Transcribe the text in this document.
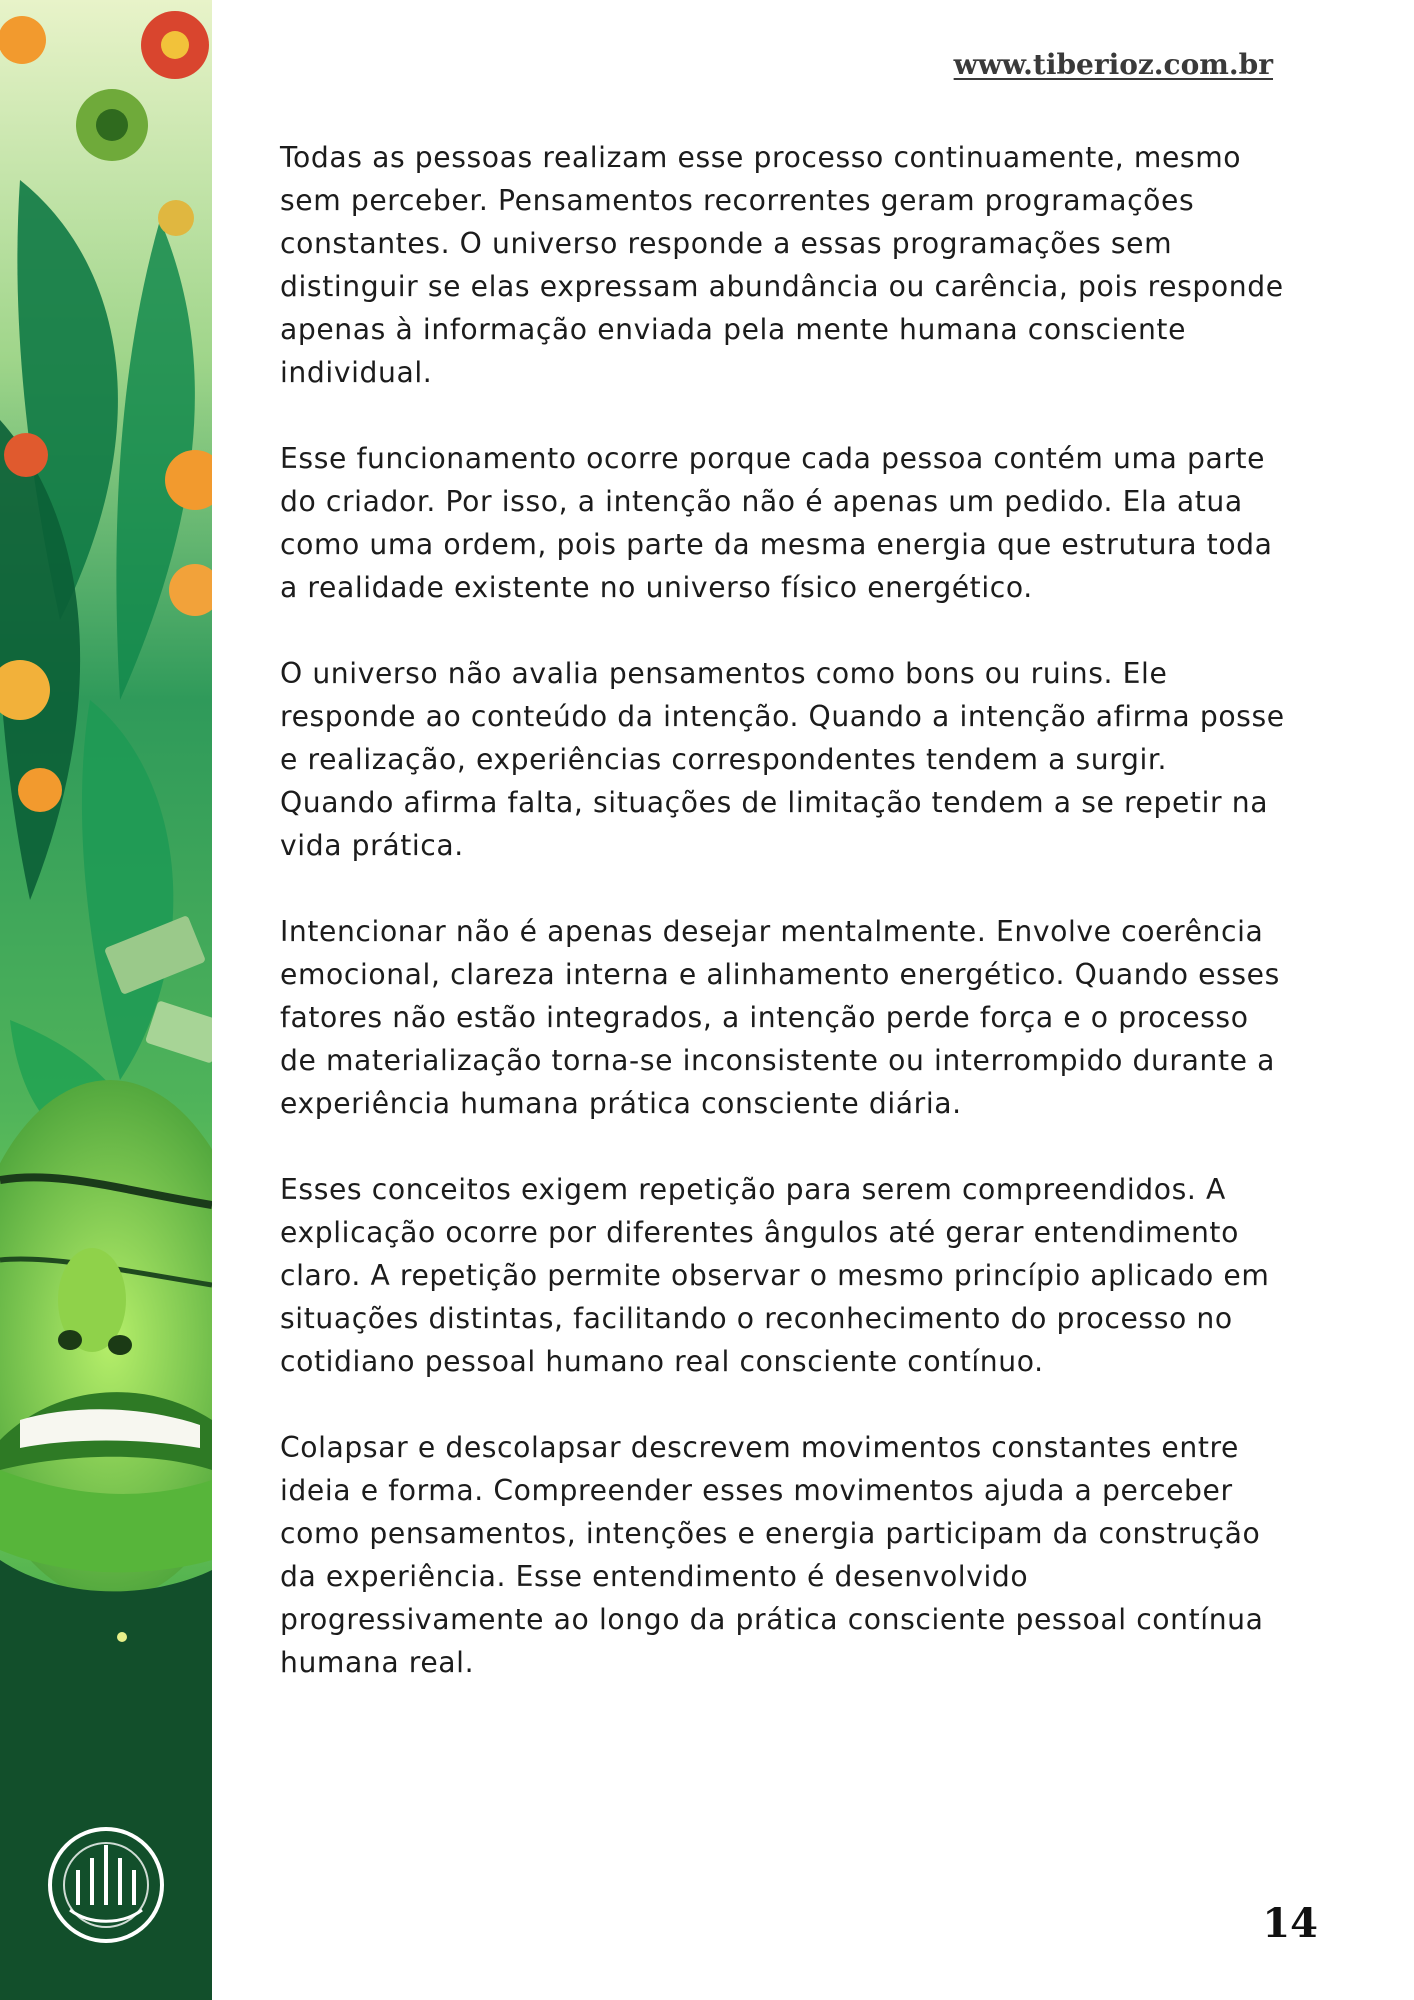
www.tiberioz.com.br

Todas as pessoas realizam esse processo continuamente, mesmo sem perceber. Pensamentos recorrentes geram programações constantes. O universo responde a essas programações sem distinguir se elas expressam abundância ou carência, pois responde apenas à informação enviada pela mente humana consciente individual.

Esse funcionamento ocorre porque cada pessoa contém uma parte do criador. Por isso, a intenção não é apenas um pedido. Ela atua como uma ordem, pois parte da mesma energia que estrutura toda a realidade existente no universo físico energético.

O universo não avalia pensamentos como bons ou ruins. Ele responde ao conteúdo da intenção. Quando a intenção afirma posse e realização, experiências correspondentes tendem a surgir. Quando afirma falta, situações de limitação tendem a se repetir na vida prática.

Intencionar não é apenas desejar mentalmente. Envolve coerência emocional, clareza interna e alinhamento energético. Quando esses fatores não estão integrados, a intenção perde força e o processo de materialização torna-se inconsistente ou interrompido durante a experiência humana prática consciente diária.

Esses conceitos exigem repetição para serem compreendidos. A explicação ocorre por diferentes ângulos até gerar entendimento claro. A repetição permite observar o mesmo princípio aplicado em situações distintas, facilitando o reconhecimento do processo no cotidiano pessoal humano real consciente contínuo.

Colapsar e descolapsar descrevem movimentos constantes entre ideia e forma. Compreender esses movimentos ajuda a perceber como pensamentos, intenções e energia participam da construção da experiência. Esse entendimento é desenvolvido progressivamente ao longo da prática consciente pessoal contínua humana real.

14
